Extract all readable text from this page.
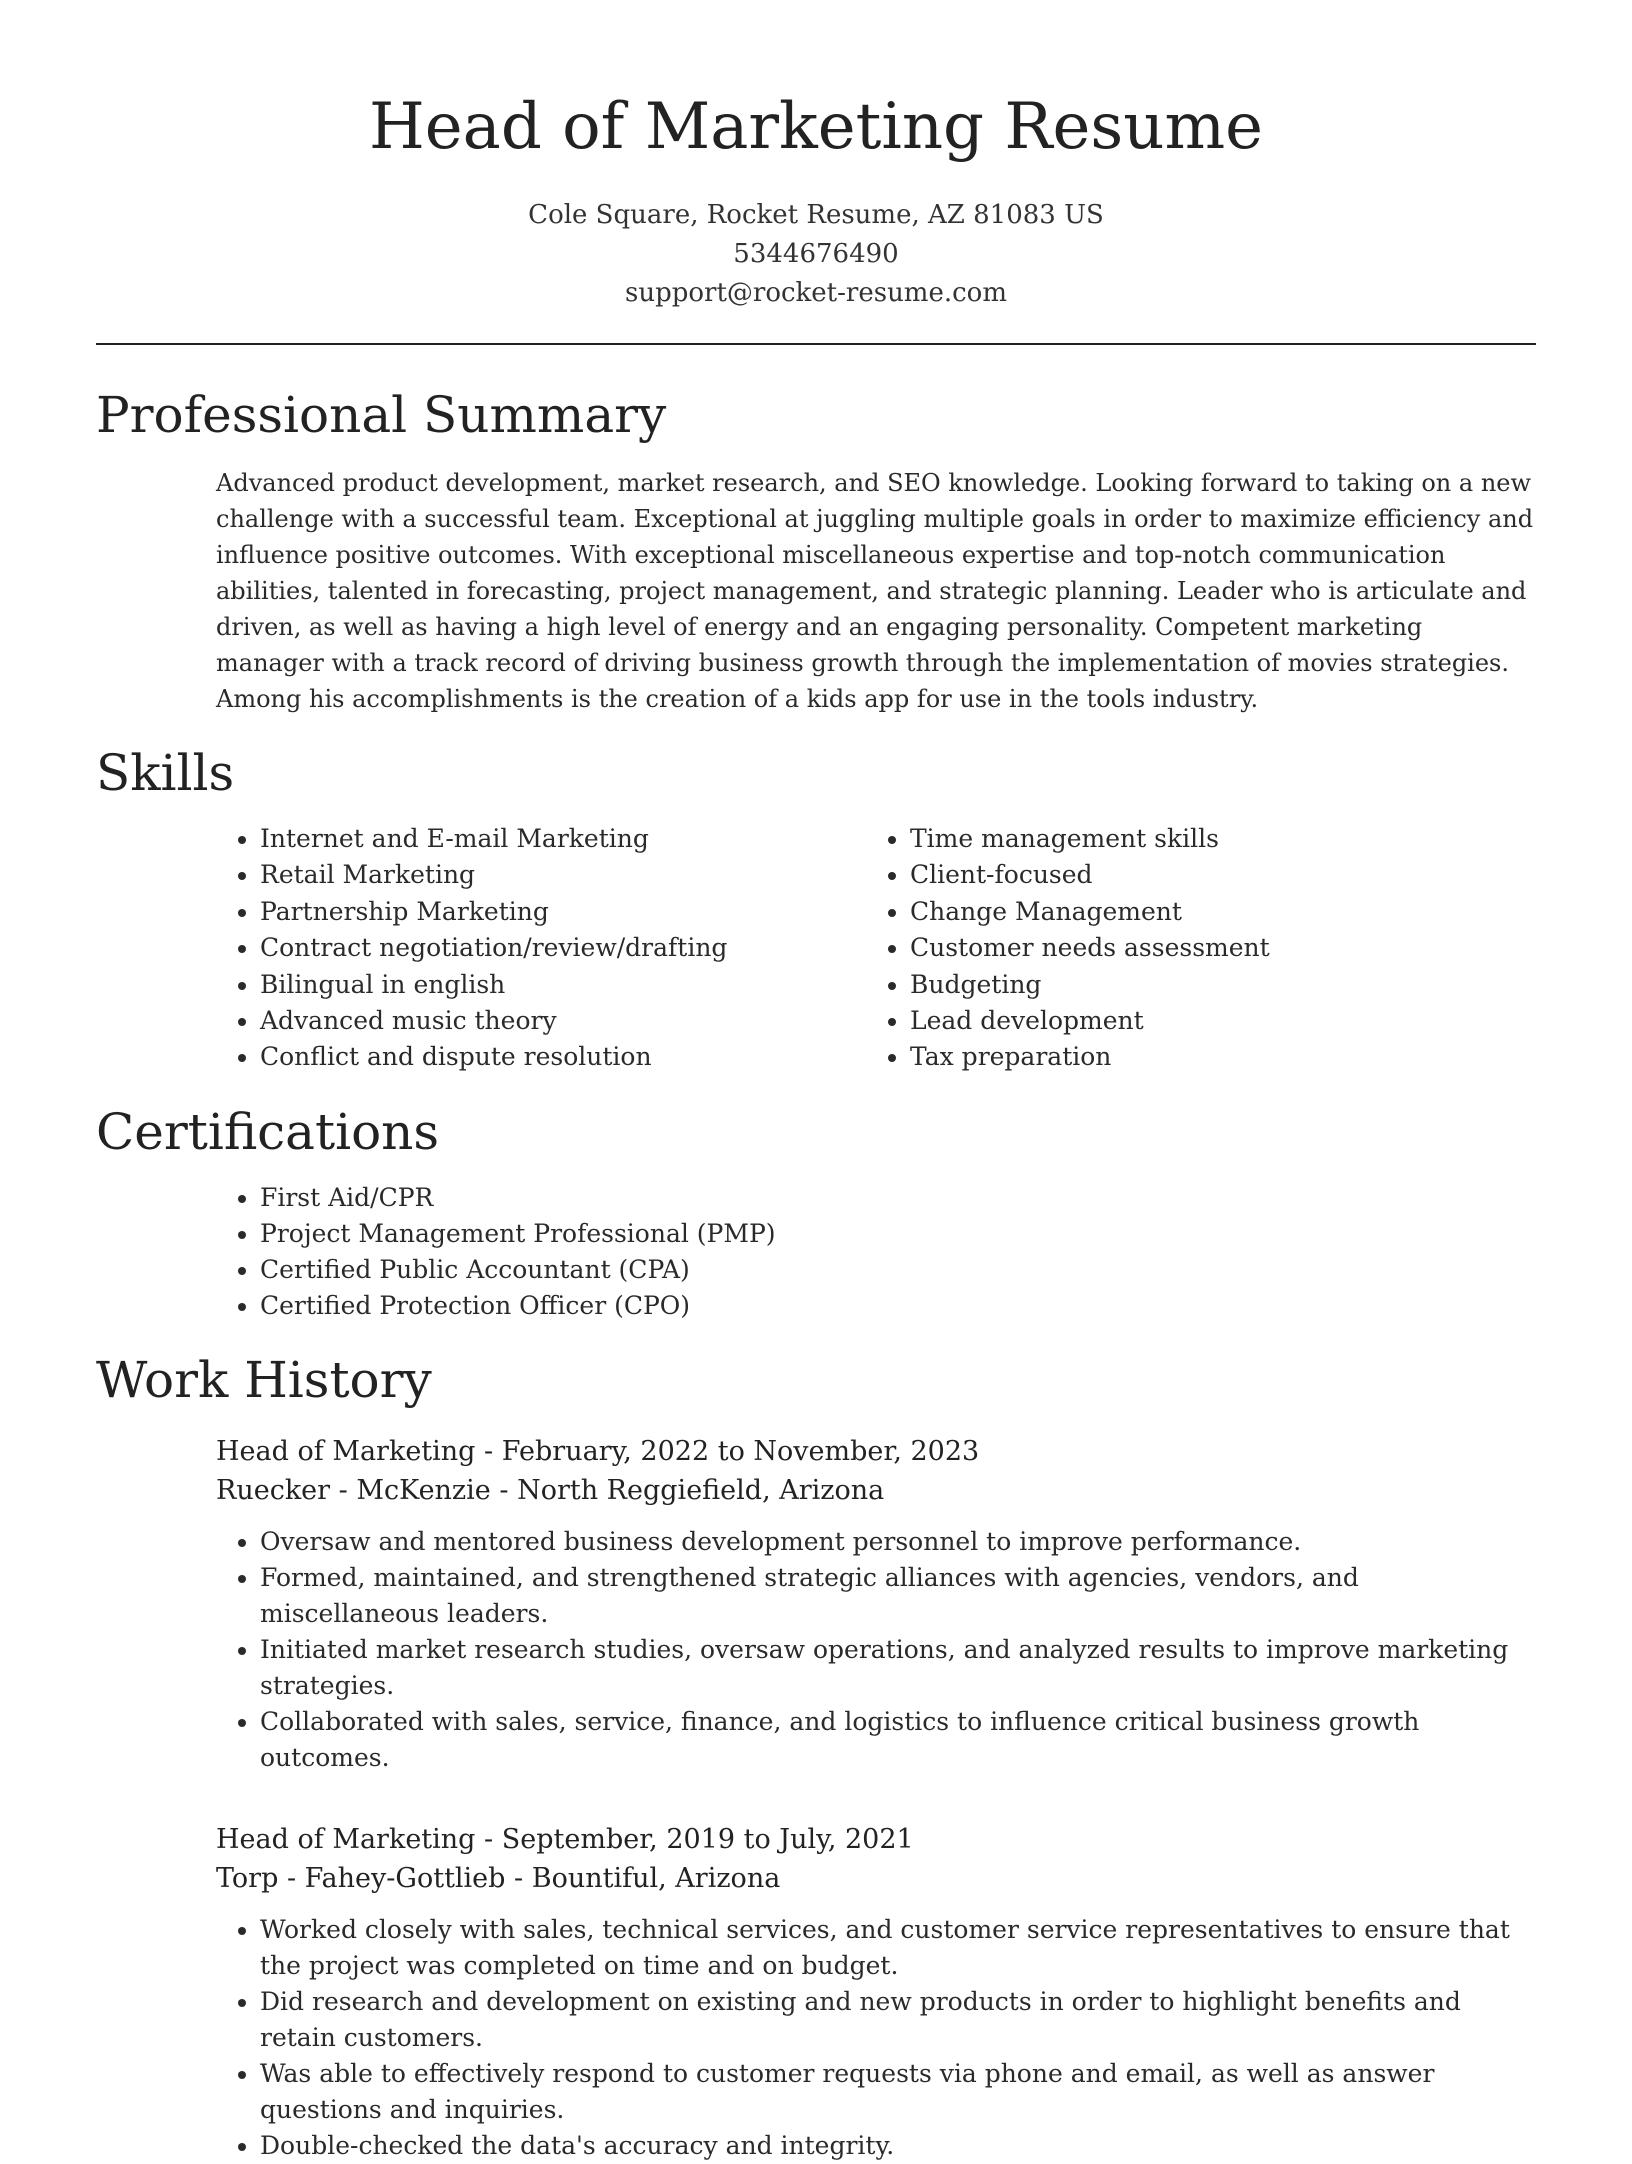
Head of Marketing Resume
Cole Square, Rocket Resume, AZ 81083 US
5344676490
support@rocket-resume.com
Professional Summary

Advanced product development, market research, and SEO knowledge. Looking forward to taking on a new challenge with a successful team. Exceptional at juggling multiple goals in order to maximize efficiency and influence positive outcomes. With exceptional miscellaneous expertise and top-notch communication abilities, talented in forecasting, project management, and strategic planning. Leader who is articulate and driven, as well as having a high level of energy and an engaging personality. Competent marketing manager with a track record of driving business growth through the implementation of movies strategies. Among his accomplishments is the creation of a kids app for use in the tools industry.

Skills
• Internet and E-mail Marketing
• Retail Marketing
• Partnership Marketing
• Contract negotiation/review/drafting
• Bilingual in english
• Advanced music theory
• Conflict and dispute resolution
• Time management skills
• Client-focused
• Change Management
• Customer needs assessment
• Budgeting
• Lead development
• Tax preparation
Certifications
• First Aid/CPR
• Project Management Professional (PMP)
• Certified Public Accountant (CPA)
• Certified Protection Officer (CPO)
Work History
Head of Marketing - February, 2022 to November, 2023
Ruecker - McKenzie - North Reggiefield, Arizona
• Oversaw and mentored business development personnel to improve performance.
• Formed, maintained, and strengthened strategic alliances with agencies, vendors, and miscellaneous leaders.
• Initiated market research studies, oversaw operations, and analyzed results to improve marketing strategies.
• Collaborated with sales, service, finance, and logistics to influence critical business growth outcomes.
Head of Marketing - September, 2019 to July, 2021
Torp - Fahey-Gottlieb - Bountiful, Arizona
• Worked closely with sales, technical services, and customer service representatives to ensure that the project was completed on time and on budget.
• Did research and development on existing and new products in order to highlight benefits and retain customers.
• Was able to effectively respond to customer requests via phone and email, as well as answer questions and inquiries.
• Double-checked the data's accuracy and integrity.
